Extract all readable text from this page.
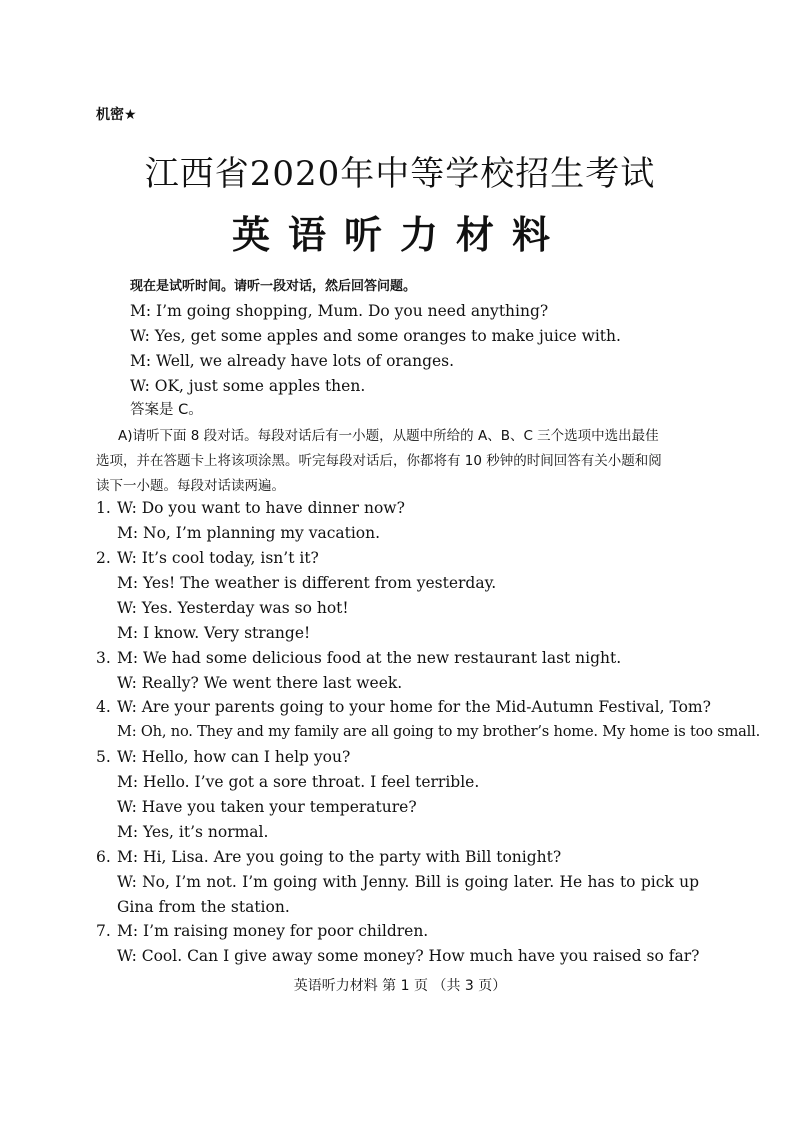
机密★
江西省2020年中等学校招生考试
英语听力材料
现在是试听时间。请听一段对话，然后回答问题。
M: I’m going shopping, Mum. Do you need anything?
W: Yes, get some apples and some oranges to make juice with.
M: Well, we already have lots of oranges.
W: OK, just some apples then.
答案是 C。
A)请听下面 8 段对话。每段对话后有一小题，从题中所给的 A、B、C 三个选项中选出最佳
选项，并在答题卡上将该项涂黑。听完每段对话后，你都将有 10 秒钟的时间回答有关小题和阅
读下一小题。每段对话读两遍。
1. W: Do you want to have dinner now?
M: No, I’m planning my vacation.
2. W: It’s cool today, isn’t it?
M: Yes! The weather is different from yesterday.
W: Yes. Yesterday was so hot!
M: I know. Very strange!
3. M: We had some delicious food at the new restaurant last night.
W: Really? We went there last week.
4. W: Are your parents going to your home for the Mid-Autumn Festival, Tom?
M: Oh, no. They and my family are all going to my brother’s home. My home is too small.
5. W: Hello, how can I help you?
M: Hello. I’ve got a sore throat. I feel terrible.
W: Have you taken your temperature?
M: Yes, it’s normal.
6. M: Hi, Lisa. Are you going to the party with Bill tonight?
W: No, I’m not. I’m going with Jenny. Bill is going later. He has to pick up Gina from the station.
7. M: I’m raising money for poor children.
W: Cool. Can I give away some money? How much have you raised so far?
英语听力材料 第 1 页 （共 3 页）
